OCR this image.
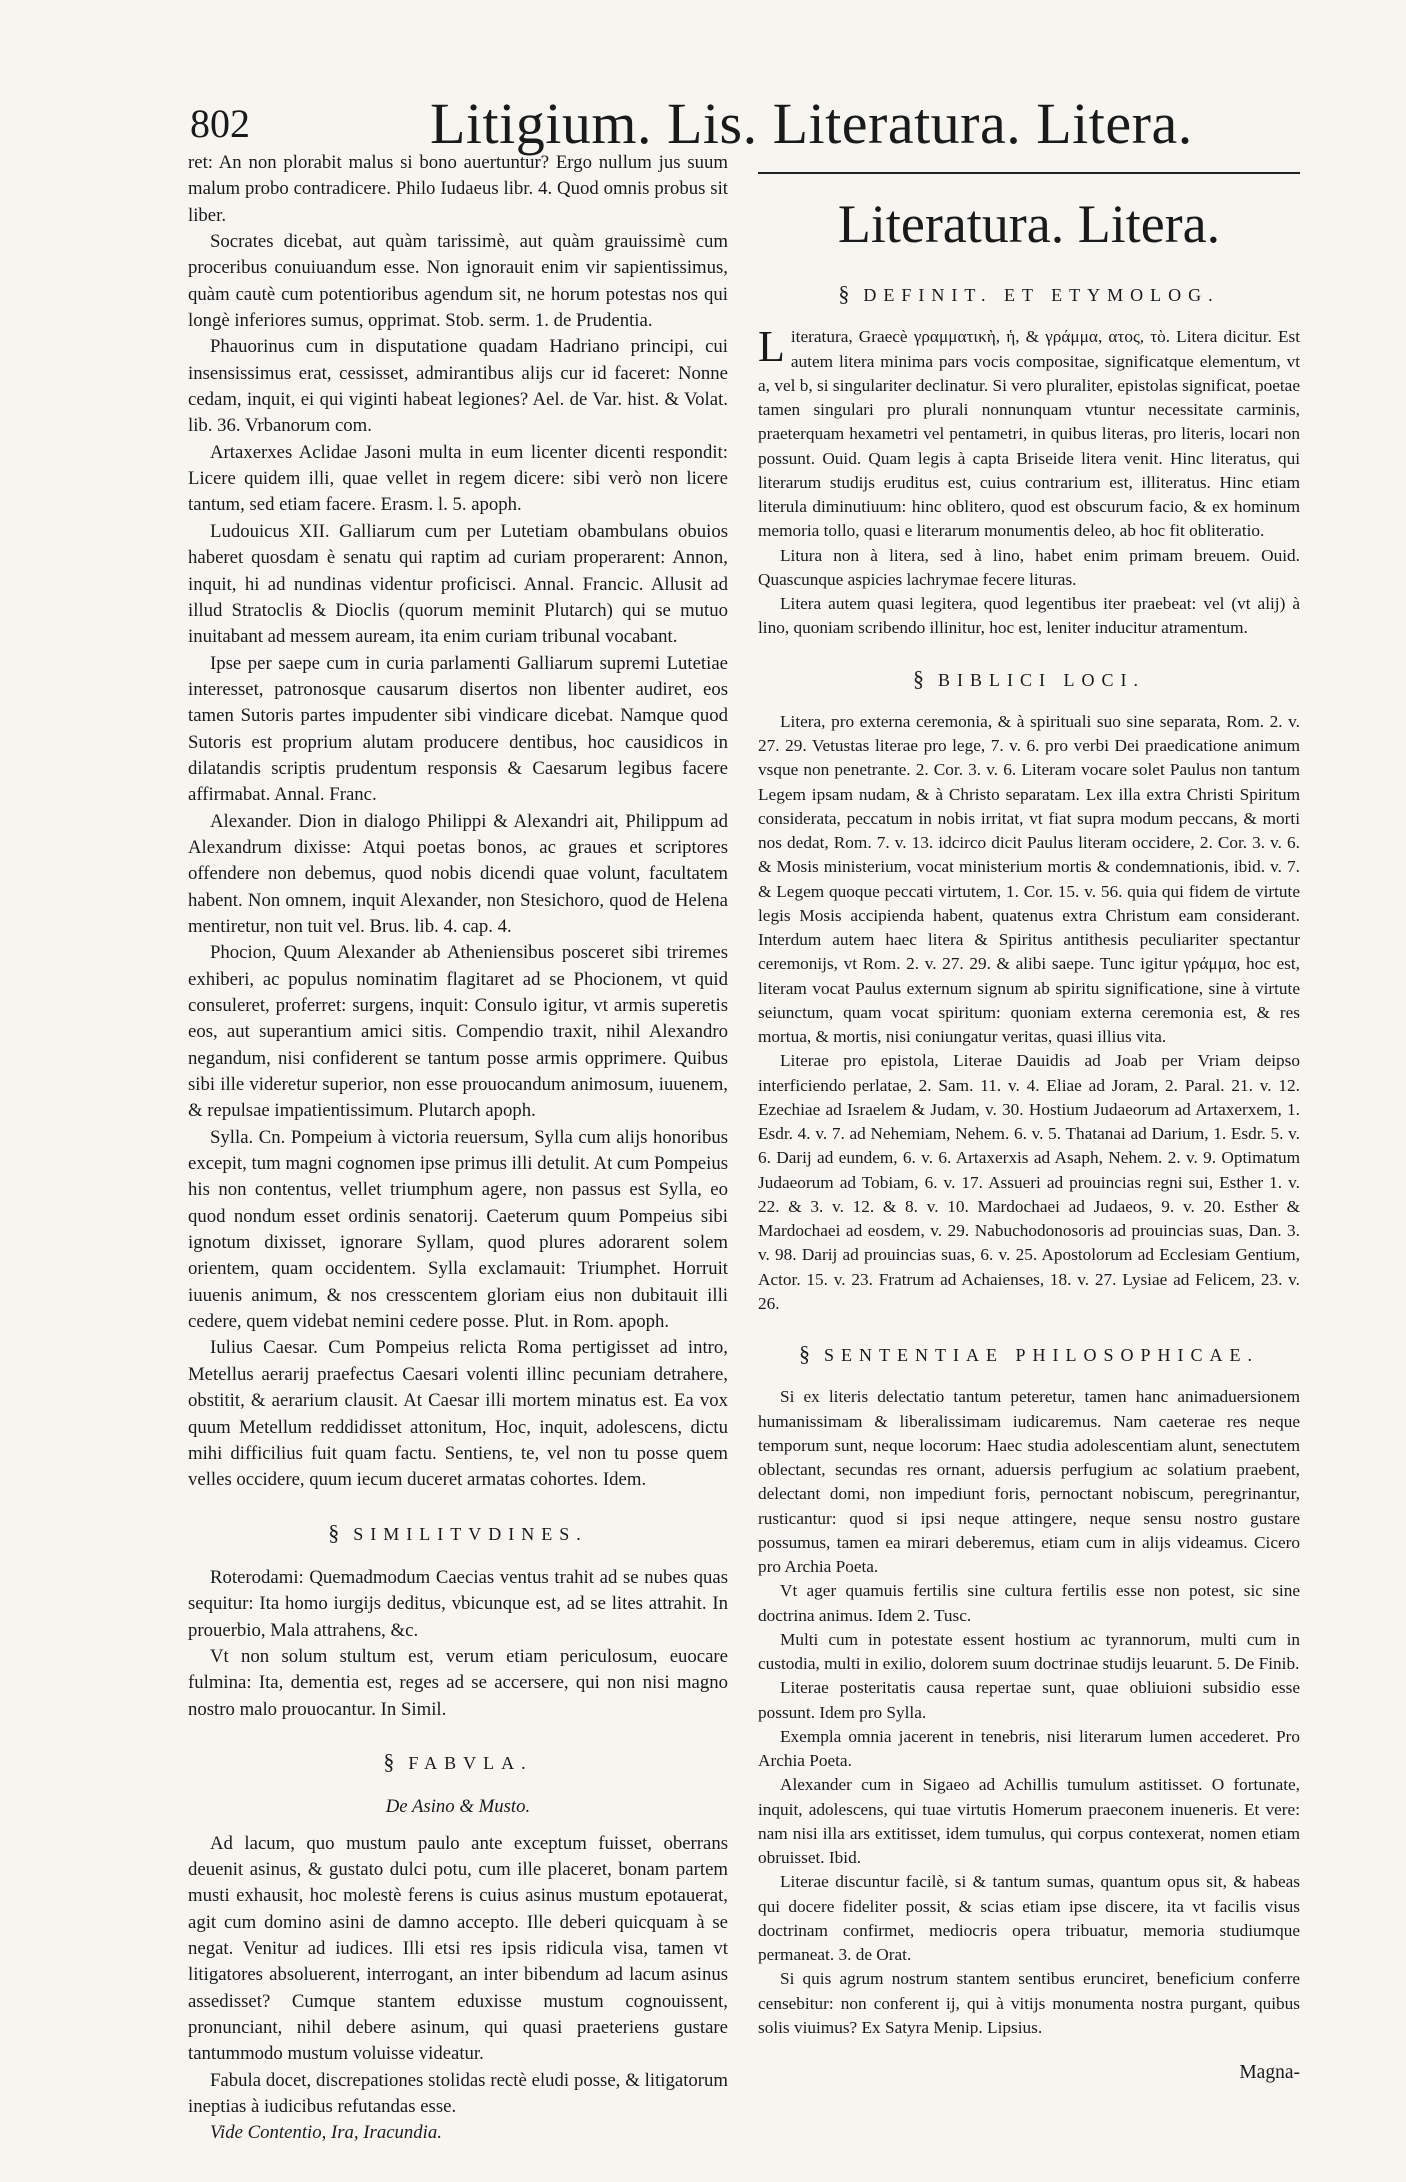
802	Litigium. Lis. Literatura. Litera.

ret: An non plorabit malus si bono auertuntur? Ergo nullum jus suum malum probo contradicere. Philo Iudaeus libr. 4. Quod omnis probus sit liber.

Socrates dicebat, aut quàm tarissimè, aut quàm grauissimè cum proceribus conuiuandum esse. Non ignorauit enim vir sapientissimus, quàm cautè cum potentioribus agendum sit, ne horum potestas nos qui longè inferiores sumus, opprimat. Stob. serm. 1. de Prudentia.

Phauorinus cum in disputatione quadam Hadriano principi, cui insensissimus erat, cessisset, admirantibus alijs cur id faceret: Nonne cedam, inquit, ei qui viginti habeat legiones? Ael. de Var. hist. & Volat. lib. 36. Vrbanorum com.

Artaxerxes Aclidae Jasoni multa in eum licenter dicenti respondit: Licere quidem illi, quae vellet in regem dicere: sibi verò non licere tantum, sed etiam facere. Erasm. l. 5. apoph.

Ludouicus XII. Galliarum cum per Lutetiam obambulans obuios haberet quosdam è senatu qui raptim ad curiam properarent: Annon, inquit, hi ad nundinas videntur proficisci. Annal. Francic. Allusit ad illud Stratoclis & Dioclis (quorum meminit Plutarch) qui se mutuo inuitabant ad messem auream, ita enim curiam tribunal vocabant.

Ipse per saepe cum in curia parlamenti Galliarum supremi Lutetiae interesset, patronosque causarum disertos non libenter audiret, eos tamen Sutoris partes impudenter sibi vindicare dicebat. Namque quod Sutoris est proprium alutam producere dentibus, hoc causidicos in dilatandis scriptis prudentum responsis & Caesarum legibus facere affirmabat. Annal. Franc.

Alexander. Dion in dialogo Philippi & Alexandri ait, Philippum ad Alexandrum dixisse: Atqui poetas bonos, ac graues et scriptores offendere non debemus, quod nobis dicendi quae volunt, facultatem habent. Non omnem, inquit Alexander, non Stesichoro, quod de Helena mentiretur, non tuit vel. Brus. lib. 4. cap. 4.

Phocion, Quum Alexander ab Atheniensibus posceret sibi triremes exhiberi, ac populus nominatim flagitaret ad se Phocionem, vt quid consuleret, proferret: surgens, inquit: Consulo igitur, vt armis superetis eos, aut superantium amici sitis. Compendio traxit, nihil Alexandro negandum, nisi confiderent se tantum posse armis opprimere. Quibus sibi ille videretur superior, non esse prouocandum animosum, iuuenem, & repulsae impatientissimum. Plutarch apoph.

Sylla. Cn. Pompeium à victoria reuersum, Sylla cum alijs honoribus excepit, tum magni cognomen ipse primus illi detulit. At cum Pompeius his non contentus, vellet triumphum agere, non passus est Sylla, eo quod nondum esset ordinis senatorij. Caeterum quum Pompeius sibi ignotum dixisset, ignorare Syllam, quod plures adorarent solem orientem, quam occidentem. Sylla exclamauit: Triumphet. Horruit iuuenis animum, & nos cresscentem gloriam eius non dubitauit illi cedere, quem videbat nemini cedere posse. Plut. in Rom. apoph.

Iulius Caesar. Cum Pompeius relicta Roma pertigisset ad intro, Metellus aerarij praefectus Caesari volenti illinc pecuniam detrahere, obstitit, & aerarium clausit. At Caesar illi mortem minatus est. Ea vox quum Metellum reddidisset attonitum, Hoc, inquit, adolescens, dictu mihi difficilius fuit quam factu. Sentiens, te, vel non tu posse quem velles occidere, quum iecum duceret armatas cohortes. Idem.

§ SIMILITVDINES.

Roterodami: Quemadmodum Caecias ventus trahit ad se nubes quas sequitur: Ita homo iurgijs deditus, vbicunque est, ad se lites attrahit. In prouerbio, Mala attrahens, &c.

Vt non solum stultum est, verum etiam periculosum, euocare fulmina: Ita, dementia est, reges ad se accersere, qui non nisi magno nostro malo prouocantur. In Simil.

§ FABVLA.
De Asino & Musto.

Ad lacum, quo mustum paulo ante exceptum fuisset, oberrans deuenit asinus, & gustato dulci potu, cum ille placeret, bonam partem musti exhausit, hoc molestè ferens is cuius asinus mustum epotauerat, agit cum domino asini de damno accepto. Ille deberi quicquam à se negat. Venitur ad iudices. Illi etsi res ipsis ridicula visa, tamen vt litigatores absoluerent, interrogant, an inter bibendum ad lacum asinus assedisset? Cumque stantem eduxisse mustum cognouissent, pronunciant, nihil debere asinum, qui quasi praeteriens gustare tantummodo mustum voluisse videatur.

Fabula docet, discrepationes stolidas rectè eludi posse, & litigatorum ineptias à iudicibus refutandas esse.

Vide Contentio, Ira, Iracundia.

Literatura. Litera.
§ DEFINIT. ET ETYMOLOG.

Literatura, Graecè γραμματικὴ, ἡ, & γράμμα, ατος, τὸ. Litera dicitur. Est autem litera minima pars vocis compositae, significatque elementum, vt a, vel b, si singulariter declinatur. Si vero pluraliter, epistolas significat, poetae tamen singulari pro plurali nonnunquam vtuntur necessitate carminis, praeterquam hexametri vel pentametri, in quibus literas, pro literis, locari non possunt. Ouid. Quam legis à capta Briseide litera venit. Hinc literatus, qui literarum studijs eruditus est, cuius contrarium est, illiteratus. Hinc etiam literula diminutiuum: hinc oblitero, quod est obscurum facio, & ex hominum memoria tollo, quasi e literarum monumentis deleo, ab hoc fit obliteratio.

Litura non à litera, sed à lino, habet enim primam breuem. Ouid. Quascunque aspicies lachrymae fecere lituras.

Litera autem quasi legitera, quod legentibus iter praebeat: vel (vt alij) à lino, quoniam scribendo illinitur, hoc est, leniter inducitur atramentum.

§ BIBLICI LOCI.

Litera, pro externa ceremonia, & à spirituali suo sine separata, Rom. 2. v. 27. 29. Vetustas literae pro lege, 7. v. 6. pro verbi Dei praedicatione animum vsque non penetrante. 2. Cor. 3. v. 6. Literam vocare solet Paulus non tantum Legem ipsam nudam, & à Christo separatam. Lex illa extra Christi Spiritum considerata, peccatum in nobis irritat, vt fiat supra modum peccans, & morti nos dedat, Rom. 7. v. 13. idcirco dicit Paulus literam occidere, 2. Cor. 3. v. 6. & Mosis ministerium, vocat ministerium mortis & condemnationis, ibid. v. 7. & Legem quoque peccati virtutem, 1. Cor. 15. v. 56. quia qui fidem de virtute legis Mosis accipienda habent, quatenus extra Christum eam considerant. Interdum autem haec litera & Spiritus antithesis peculiariter spectantur ceremonijs, vt Rom. 2. v. 27. 29. & alibi saepe. Tunc igitur γράμμα, hoc est, literam vocat Paulus externum signum ab spiritu significatione, sine à virtute seiunctum, quam vocat spiritum: quoniam externa ceremonia est, & res mortua, & mortis, nisi coniungatur veritas, quasi illius vita.

Literae pro epistola, Literae Dauidis ad Joab per Vriam deipso interficiendo perlatae, 2. Sam. 11. v. 4. Eliae ad Joram, 2. Paral. 21. v. 12. Ezechiae ad Israelem & Judam, v. 30. Hostium Judaeorum ad Artaxerxem, 1. Esdr. 4. v. 7. ad Nehemiam, Nehem. 6. v. 5. Thatanai ad Darium, 1. Esdr. 5. v. 6. Darij ad eundem, 6. v. 6. Artaxerxis ad Asaph, Nehem. 2. v. 9. Optimatum Judaeorum ad Tobiam, 6. v. 17. Assueri ad prouincias regni sui, Esther 1. v. 22. & 3. v. 12. & 8. v. 10. Mardochaei ad Judaeos, 9. v. 20. Esther & Mardochaei ad eosdem, v. 29. Nabuchodonosoris ad prouincias suas, Dan. 3. v. 98. Darij ad prouincias suas, 6. v. 25. Apostolorum ad Ecclesiam Gentium, Actor. 15. v. 23. Fratrum ad Achaienses, 18. v. 27. Lysiae ad Felicem, 23. v. 26.

§ SENTENTIAE PHILOSOPHICAE.

Si ex literis delectatio tantum peteretur, tamen hanc animaduersionem humanissimam & liberalissimam iudicaremus. Nam caeterae res neque temporum sunt, neque locorum: Haec studia adolescentiam alunt, senectutem oblectant, secundas res ornant, aduersis perfugium ac solatium praebent, delectant domi, non impediunt foris, pernoctant nobiscum, peregrinantur, rusticantur: quod si ipsi neque attingere, neque sensu nostro gustare possumus, tamen ea mirari deberemus, etiam cum in alijs videamus. Cicero pro Archia Poeta.

Vt ager quamuis fertilis sine cultura fertilis esse non potest, sic sine doctrina animus. Idem 2. Tusc.

Multi cum in potestate essent hostium ac tyrannorum, multi cum in custodia, multi in exilio, dolorem suum doctrinae studijs leuarunt. 5. De Finib.

Literae posteritatis causa repertae sunt, quae obliuioni subsidio esse possunt. Idem pro Sylla.

Exempla omnia jacerent in tenebris, nisi literarum lumen accederet. Pro Archia Poeta.

Alexander cum in Sigaeo ad Achillis tumulum astitisset. O fortunate, inquit, adolescens, qui tuae virtutis Homerum praeconem inueneris. Et vere: nam nisi illa ars extitisset, idem tumulus, qui corpus contexerat, nomen etiam obruisset. Ibid.

Literae discuntur facilè, si & tantum sumas, quantum opus sit, & habeas qui docere fideliter possit, & scias etiam ipse discere, ita vt facilis visus doctrinam confirmet, mediocris opera tribuatur, memoria studiumque permaneat. 3. de Orat.

Si quis agrum nostrum stantem sentibus erunciret, beneficium conferre censebitur: non conferent ij, qui à vitijs monumenta nostra purgant, quibus solis viuimus? Ex Satyra Menip. Lipsius.

Magna-
